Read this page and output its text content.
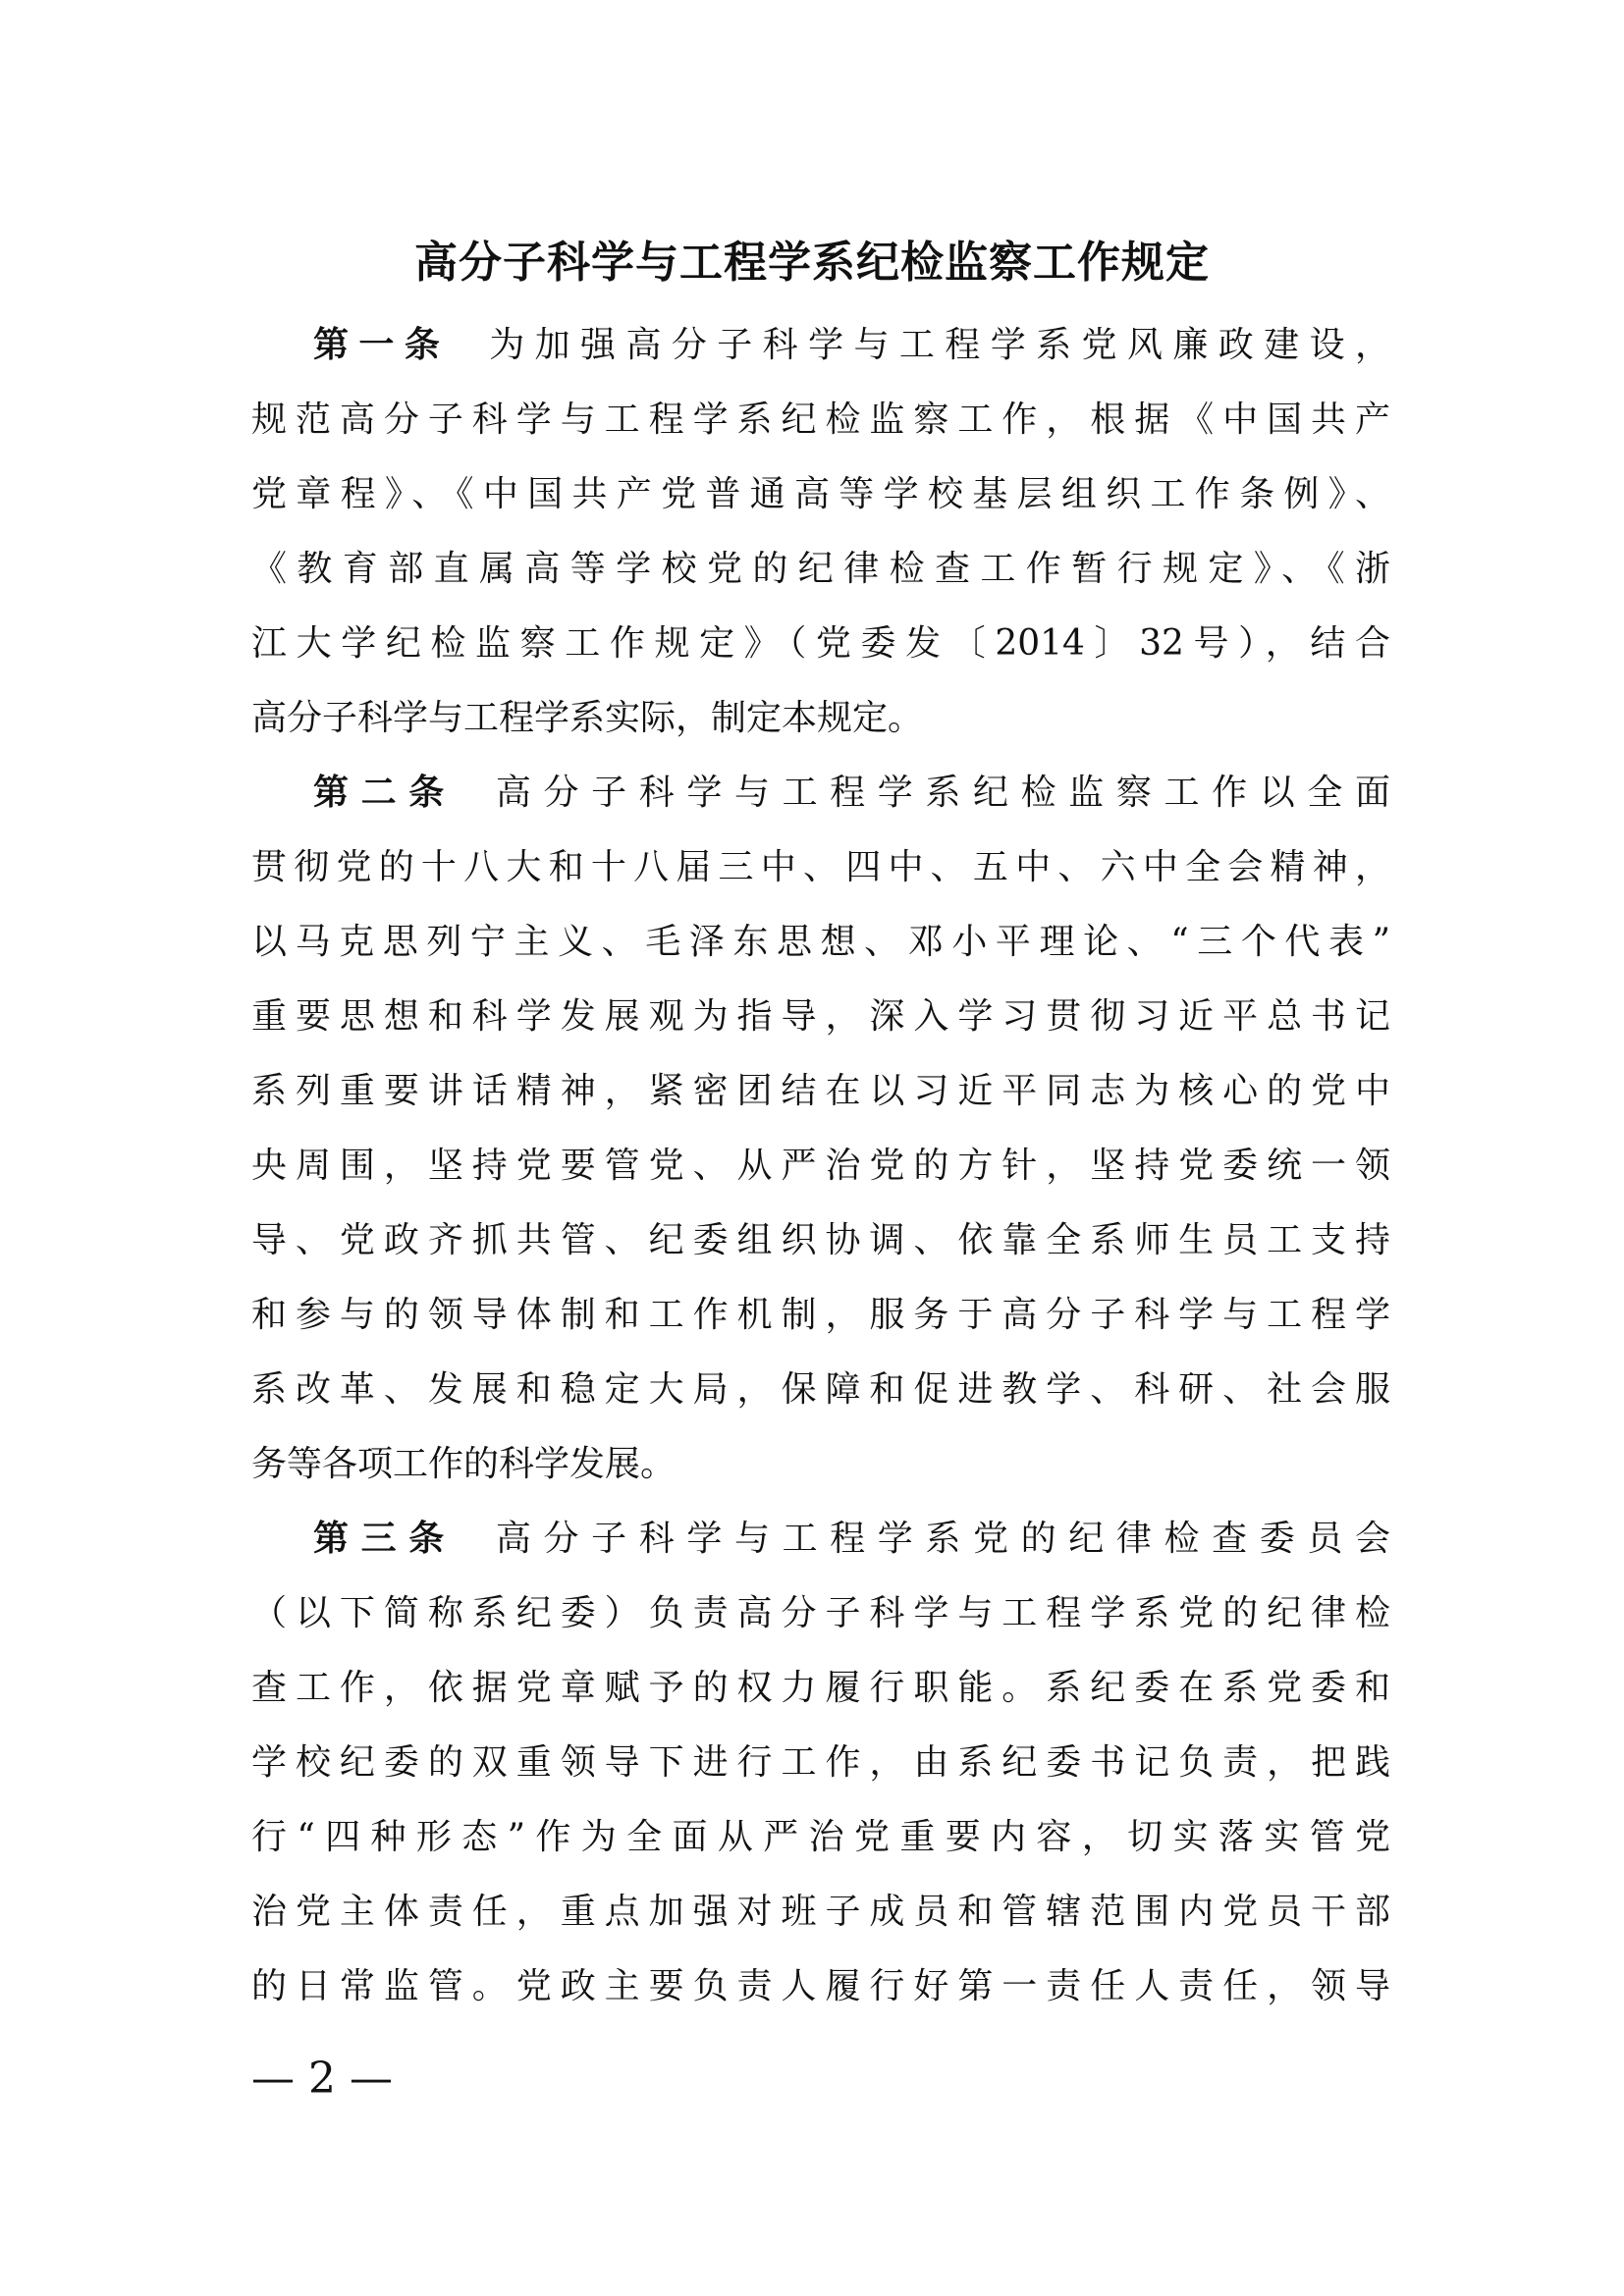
高分子科学与工程学系纪检监察工作规定

第一条 为加强高分子科学与工程学系党风廉政建设，

规范高分子科学与工程学系纪检监察工作，根据《中国共产

党章程》、《中国共产党普通高等学校基层组织工作条例》、

《教育部直属高等学校党的纪律检查工作暂行规定》、《浙

江大学纪检监察工作规定》（党委发〔2014〕32号），结合

高分子科学与工程学系实际，制定本规定。

第二条 高分子科学与工程学系纪检监察工作以全面

贯彻党的十八大和十八届三中、四中、五中、六中全会精神，

以马克思列宁主义、毛泽东思想、邓小平理论、“三个代表”

重要思想和科学发展观为指导，深入学习贯彻习近平总书记

系列重要讲话精神，紧密团结在以习近平同志为核心的党中

央周围，坚持党要管党、从严治党的方针，坚持党委统一领

导、党政齐抓共管、纪委组织协调、依靠全系师生员工支持

和参与的领导体制和工作机制，服务于高分子科学与工程学

系改革、发展和稳定大局，保障和促进教学、科研、社会服

务等各项工作的科学发展。

第三条 高分子科学与工程学系党的纪律检查委员会

（以下简称系纪委）负责高分子科学与工程学系党的纪律检

查工作，依据党章赋予的权力履行职能。系纪委在系党委和

学校纪委的双重领导下进行工作，由系纪委书记负责，把践

行“四种形态”作为全面从严治党重要内容，切实落实管党

治党主体责任，重点加强对班子成员和管辖范围内党员干部

的日常监管。党政主要负责人履行好第一责任人责任，领导

— 2 —
